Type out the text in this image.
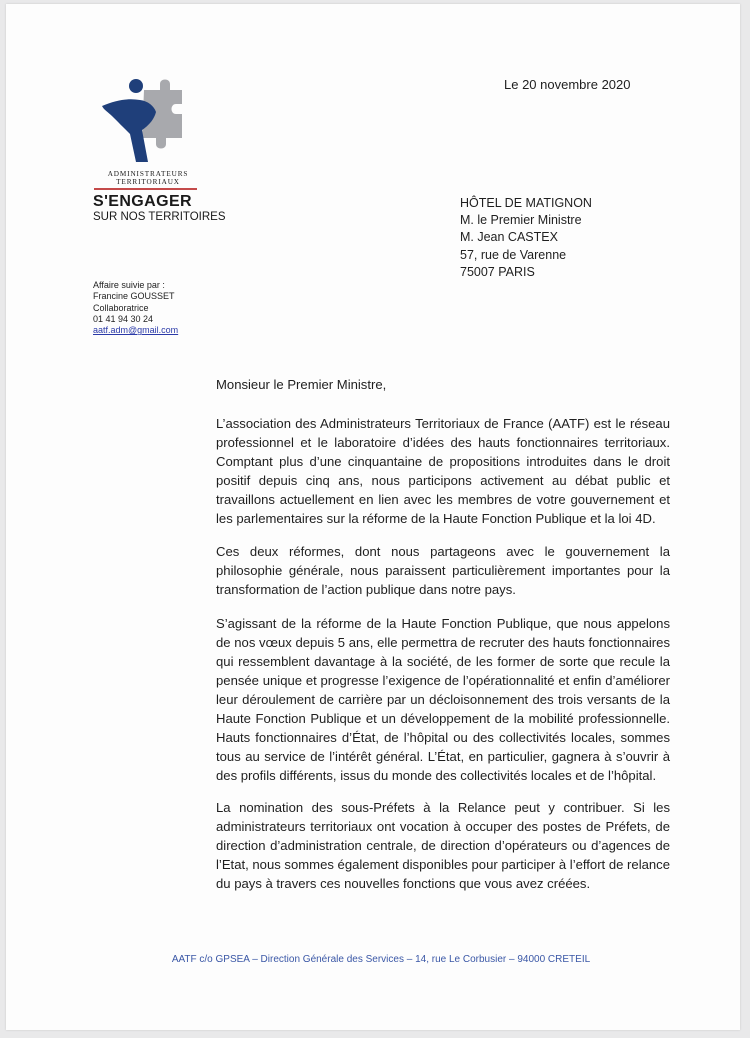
ADMINISTRATEURS TERRITORIAUX
S'ENGAGER
SUR NOS TERRITOIRES
Le 20 novembre 2020
HÔTEL DE MATIGNON
M. le Premier Ministre
M. Jean CASTEX
57, rue de Varenne
75007 PARIS
Affaire suivie par :
Francine GOUSSET
Collaboratrice
01 41 94 30 24
aatf.adm@gmail.com
Monsieur le Premier Ministre,
L’association des Administrateurs Territoriaux de France (AATF) est le réseau professionnel et le laboratoire d’idées des hauts fonctionnaires territoriaux. Comptant plus d’une cinquantaine de propositions introduites dans le droit positif depuis cinq ans, nous participons activement au débat public et travaillons actuellement en lien avec les membres de votre gouvernement et les parlementaires sur la réforme de la Haute Fonction Publique et la loi 4D.
Ces deux réformes, dont nous partageons avec le gouvernement la philosophie générale, nous paraissent particulièrement importantes pour la transformation de l’action publique dans notre pays.
S’agissant de la réforme de la Haute Fonction Publique, que nous appelons de nos vœux depuis 5 ans, elle permettra de recruter des hauts fonctionnaires qui ressemblent davantage à la société, de les former de sorte que recule la pensée unique et progresse l’exigence de l’opérationnalité et enfin d’améliorer leur déroulement de carrière par un décloisonnement des trois versants de la Haute Fonction Publique et un développement de la mobilité professionnelle. Hauts fonctionnaires d’État, de l’hôpital ou des collectivités locales, sommes tous au service de l’intérêt général. L’État, en particulier, gagnera à s’ouvrir à des profils différents, issus du monde des collectivités locales et de l’hôpital.
La nomination des sous-Préfets à la Relance peut y contribuer. Si les administrateurs territoriaux ont vocation à occuper des postes de Préfets, de direction d’administration centrale, de direction d’opérateurs ou d’agences de l’Etat, nous sommes également disponibles pour participer à l’effort de relance du pays à travers ces nouvelles fonctions que vous avez créées.
AATF c/o GPSEA – Direction Générale des Services – 14, rue Le Corbusier – 94000 CRETEIL
